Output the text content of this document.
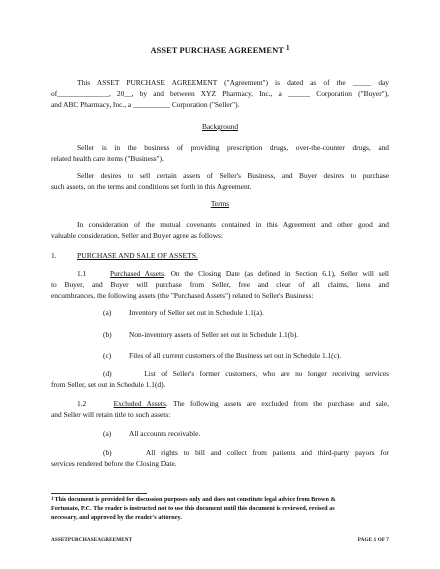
ASSET PURCHASE AGREEMENT $^1$
This ASSET PURCHASE AGREEMENT ("Agreement") is dated as of the _____ day
of______________, 20__, by and between XYZ Pharmacy, Inc., a ______ Corporation ("Buyer"),
and ABC Pharmacy, Inc., a __________ Corporation ("Seller").
Background
Seller is in the business of providing prescription drugs, over-the-counter drugs, and
related health care items ("Business").
Seller desires to sell certain assets of Seller's Business, and Buyer desires to purchase
such assets, on the terms and conditions set forth in this Agreement.
Terms
In consideration of the mutual covenants contained in this Agreement and other good and
valuable consideration, Seller and Buyer agree as follows:
1.	PURCHASE AND SALE OF ASSETS.
1.1	Purchased Assets. On the Closing Date (as defined in Section 6.1), Seller will sell
to Buyer, and Buyer will purchase from Seller, free and clear of all claims, liens and
encumbrances, the following assets (the "Purchased Assets") related to Seller's Business:
(a) Inventory of Seller set out in Schedule 1.1(a).
(b) Non-inventory assets of Seller set out in Schedule 1.1(b).
(c) Files of all current customers of the Business set out in Schedule 1.1(c).
(d)	List of Seller's former customers, who are no longer receiving services
from Seller, set out in Schedule 1.1(d).
1.2	Excluded Assets. The following assets are excluded from the purchase and sale,
and Seller will retain title to such assets:
(a) All accounts receivable.
(b)	All rights to bill and collect from patients and third-party payors for
services rendered before the Closing Date.
$^1$This document is provided for discussion purposes only and does not constitute legal advice from Brown &
Fortunato, P.C. The reader is instructed not to use this document until this document is reviewed, revised as
necessary, and approved by the reader's attorney.
ASSETPURCHASEAGREEMENT	PAGE 1 OF 7
